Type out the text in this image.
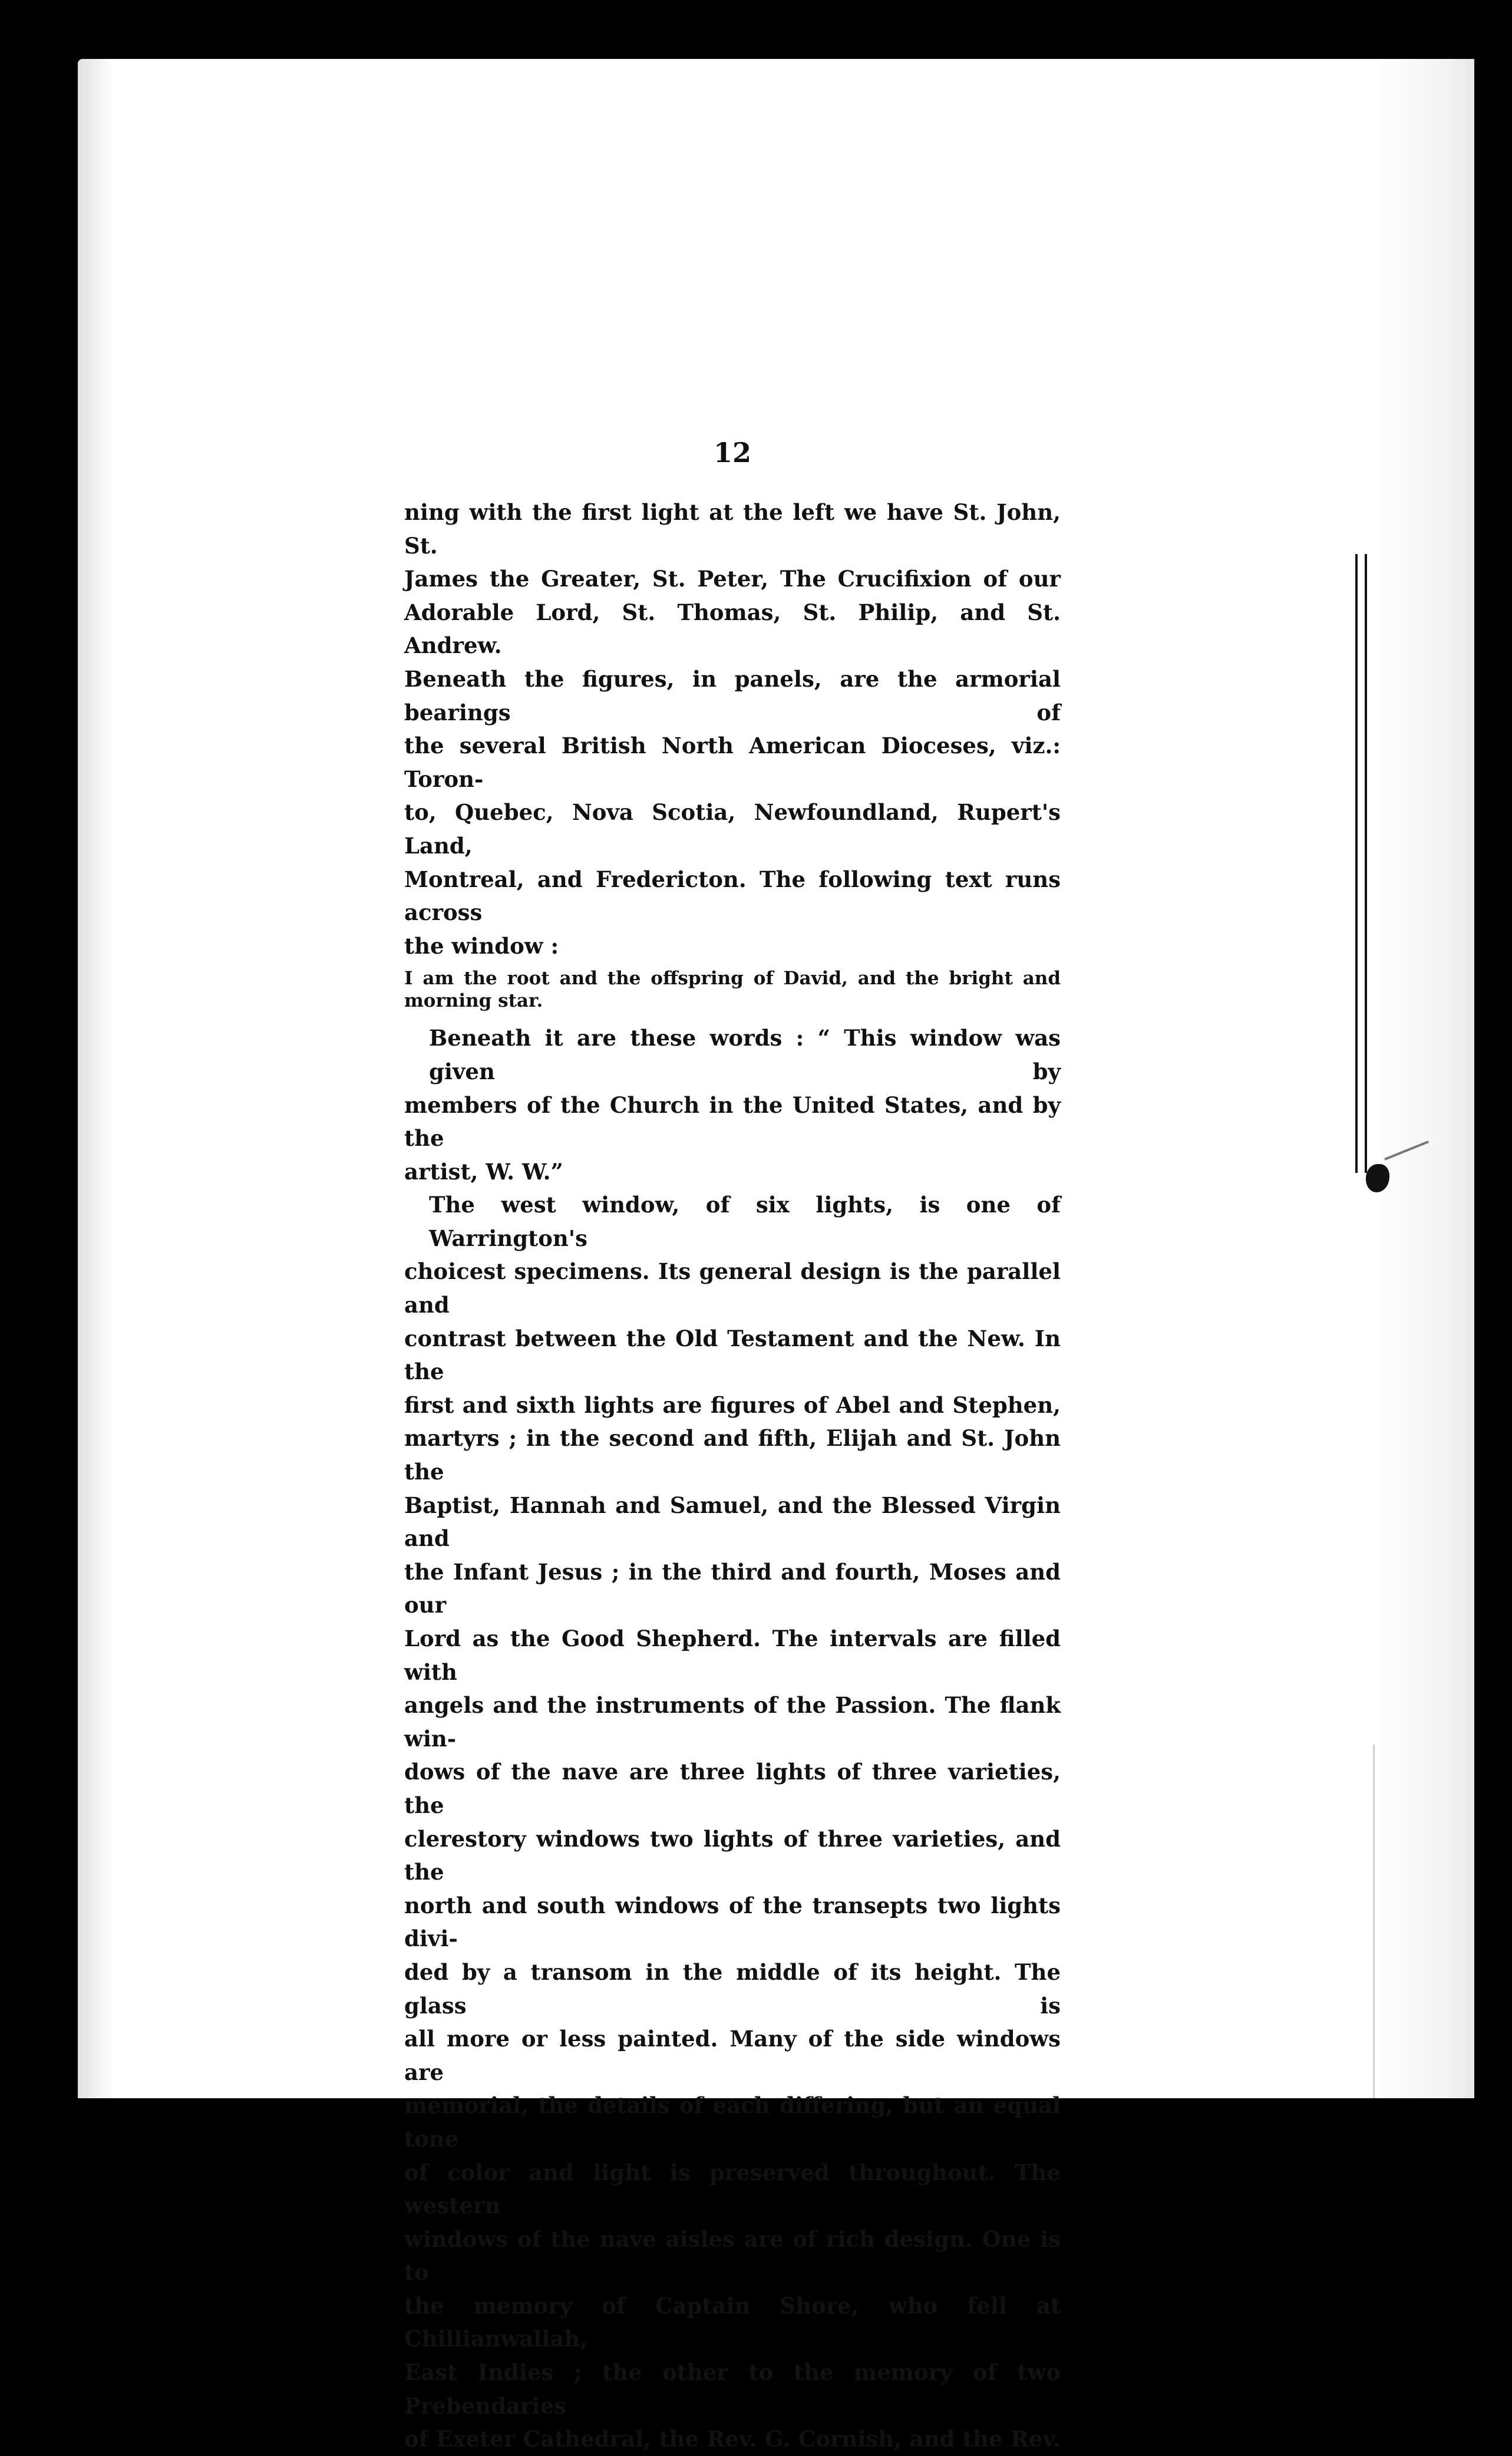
12
ning with the first light at the left we have St. John, St.
James the Greater, St. Peter, The Crucifixion of our
Adorable Lord, St. Thomas, St. Philip, and St. Andrew.
Beneath the figures, in panels, are the armorial bearings of
the several British North American Dioceses, viz.: Toron-
to, Quebec, Nova Scotia, Newfoundland, Rupert's Land,
Montreal, and Fredericton. The following text runs across
the window :
I am the root and the offspring of David, and the bright and
morning star.
Beneath it are these words : “ This window was given by
members of the Church in the United States, and by the
artist, W. W.”
The west window, of six lights, is one of Warrington's
choicest specimens. Its general design is the parallel and
contrast between the Old Testament and the New. In the
first and sixth lights are figures of Abel and Stephen,
martyrs ; in the second and fifth, Elijah and St. John the
Baptist, Hannah and Samuel, and the Blessed Virgin and
the Infant Jesus ; in the third and fourth, Moses and our
Lord as the Good Shepherd. The intervals are filled with
angels and the instruments of the Passion. The flank win-
dows of the nave are three lights of three varieties, the
clerestory windows two lights of three varieties, and the
north and south windows of the transepts two lights divi-
ded by a transom in the middle of its height. The glass is
all more or less painted. Many of the side windows are
memorial, the details of each differing, but an equal tone
of color and light is preserved throughout. The western
windows of the nave aisles are of rich design. One is to
the memory of Captain Shore, who fell at Chillianwallah,
East Indies ; the other to the memory of two Prebendaries
of Exeter Cathedral, the Rev. G. Cornish, and the Rev.
